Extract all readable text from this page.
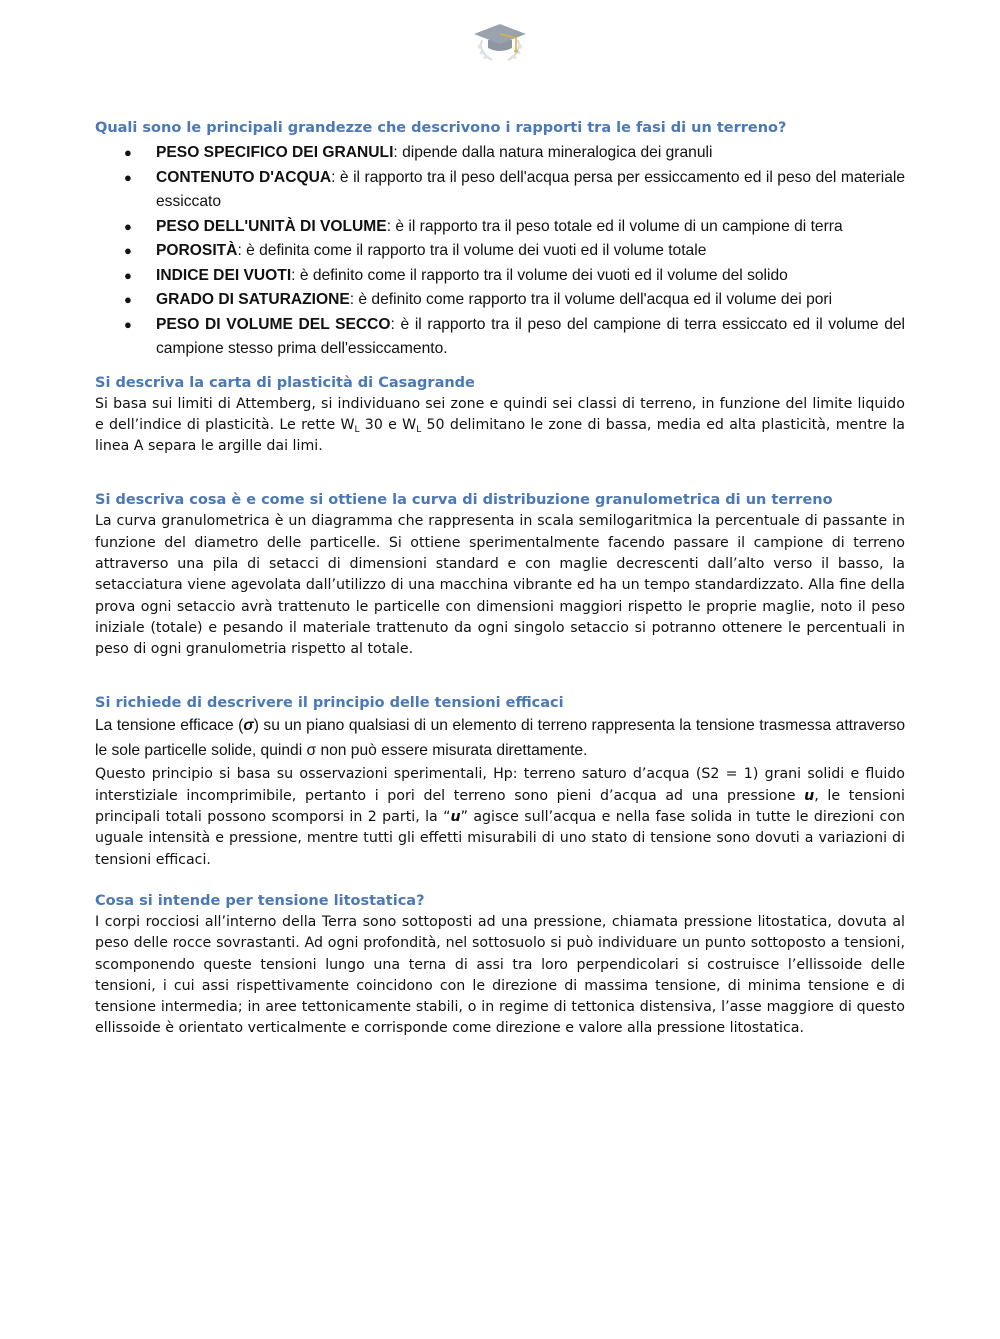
Quali sono le principali grandezze che descrivono i rapporti tra le fasi di un terreno?
● PESO SPECIFICO DEI GRANULI: dipende dalla natura mineralogica dei granuli
● CONTENUTO D'ACQUA: è il rapporto tra il peso dell'acqua persa per essiccamento ed il peso del materiale essiccato
● PESO DELL'UNITÀ DI VOLUME: è il rapporto tra il peso totale ed il volume di un campione di terra
● POROSITÀ: è definita come il rapporto tra il volume dei vuoti ed il volume totale
● INDICE DEI VUOTI: è definito come il rapporto tra il volume dei vuoti ed il volume del solido
● GRADO DI SATURAZIONE: è definito come rapporto tra il volume dell'acqua ed il volume dei pori
● PESO DI VOLUME DEL SECCO: è il rapporto tra il peso del campione di terra essiccato ed il volume del campione stesso prima dell'essiccamento.
Si descriva la carta di plasticità di Casagrande

Si basa sui limiti di Attemberg, si individuano sei zone e quindi sei classi di terreno, in funzione del limite liquido e dell’indice di plasticità. Le rette $W_L$ 30 e $W_L$ 50 delimitano le zone di bassa, media ed alta plasticità, mentre la linea A separa le argille dai limi.

Si descriva cosa è e come si ottiene la curva di distribuzione granulometrica di un terreno

La curva granulometrica è un diagramma che rappresenta in scala semilogaritmica la percentuale di passante in funzione del diametro delle particelle. Si ottiene sperimentalmente facendo passare il campione di terreno attraverso una pila di setacci di dimensioni standard e con maglie decrescenti dall’alto verso il basso, la setacciatura viene agevolata dall’utilizzo di una macchina vibrante ed ha un tempo standardizzato. Alla fine della prova ogni setaccio avrà trattenuto le particelle con dimensioni maggiori rispetto le proprie maglie, noto il peso iniziale (totale) e pesando il materiale trattenuto da ogni singolo setaccio si potranno ottenere le percentuali in peso di ogni granulometria rispetto al totale.

Si richiede di descrivere il principio delle tensioni efficaci

La tensione efficace (σ) su un piano qualsiasi di un elemento di terreno rappresenta la tensione trasmessa attraverso le sole particelle solide, quindi σ non può essere misurata direttamente.

Questo principio si basa su osservazioni sperimentali, Hp: terreno saturo d’acqua (S2 = 1) grani solidi e fluido interstiziale incomprimibile, pertanto i pori del terreno sono pieni d’acqua ad una pressione u, le tensioni principali totali possono scomporsi in 2 parti, la “u” agisce sull’acqua e nella fase solida in tutte le direzioni con uguale intensità e pressione, mentre tutti gli effetti misurabili di uno stato di tensione sono dovuti a variazioni di tensioni efficaci.

Cosa si intende per tensione litostatica?

I corpi rocciosi all’interno della Terra sono sottoposti ad una pressione, chiamata pressione litostatica, dovuta al peso delle rocce sovrastanti. Ad ogni profondità, nel sottosuolo si può individuare un punto sottoposto a tensioni, scomponendo queste tensioni lungo una terna di assi tra loro perpendicolari si costruisce l’ellissoide delle tensioni, i cui assi rispettivamente coincidono con le direzione di massima tensione, di minima tensione e di tensione intermedia; in aree tettonicamente stabili, o in regime di tettonica distensiva, l’asse maggiore di questo ellissoide è orientato verticalmente e corrisponde come direzione e valore alla pressione litostatica.
